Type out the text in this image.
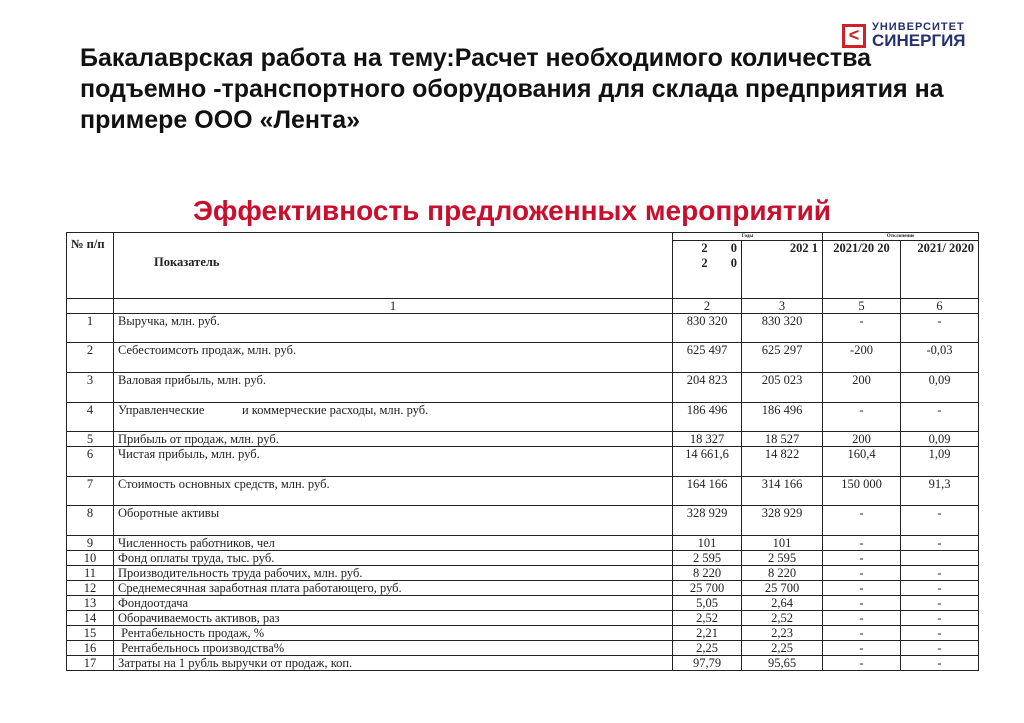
<	УНИВЕРСИТЕТ
СИНЕРГИЯ
Бакалаврская работа на тему:Расчет необходимого количества подъемно -транспортного оборудования для склада предприятия на примере ООО «Лента»
Эффективность предложенных мероприятий
№ п/п	Показатель	Годы		Отклонение	
		2 0 2 0	202 1	2021/20 20	2021/ 2020
	1	2	3	5	6
1	Выручка, млн. руб.	830 320	830 320	-	-
2	Себестоимсоть продаж, млн. руб.	625 497	625 297	-200	-0,03
3	Валовая прибыль, млн. руб.	204 823	205 023	200	0,09
4	Управленческие            и коммерческие расходы, млн. руб.	186 496	186 496	-	-
5	Прибыль от продаж, млн. руб.	18 327	18 527	200	0,09
6	Чистая прибыль, млн. руб.	14 661,6	14 822	160,4	1,09
7	Стоимость основных средств, млн. руб.	164 166	314 166	150 000	91,3
8	Оборотные активы	328 929	328 929	-	-
9	Численность работников, чел	101	101	-	-
10	Фонд оплаты труда, тыс. руб.	2 595	2 595	-	
11	Производительность труда рабочих, млн. руб.	8 220	8 220	-	-
12	Среднемесячная заработная плата работающего, руб.	25 700	25 700	-	-
13	Фондоотдача	5,05	2,64	-	-
14	Оборачиваемость активов, раз	2,52	2,52	-	-
15	Рентабельность продаж, %	2,21	2,23	-	-
16	Рентабельнось производства%	2,25	2,25	-	-
17	Затраты на 1 рубль выручки от продаж, коп.	97,79	95,65	-	-
